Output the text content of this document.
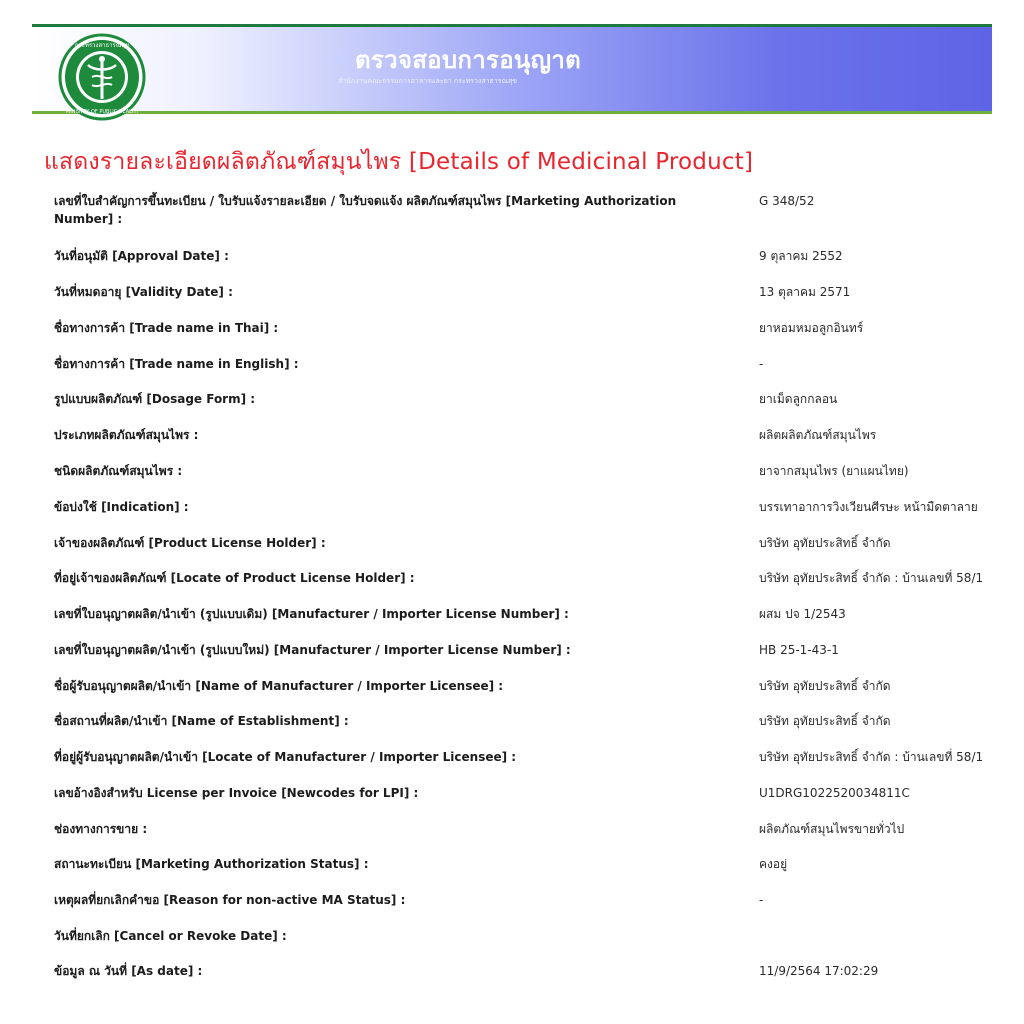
กระทรวงสาธารณสุข
MINISTRY OF PUBLIC HEALTH
ตรวจสอบการอนุญาต
สำนักงานคณะกรรมการอาหารและยา กระทรวงสาธารณสุข
แสดงรายละเอียดผลิตภัณฑ์สมุนไพร [Details of Medicinal Product]
เลขที่ใบสำคัญการขึ้นทะเบียน / ใบรับแจ้งรายละเอียด / ใบรับจดแจ้ง ผลิตภัณฑ์สมุนไพร [Marketing Authorization Number] :
G 348/52
วันที่อนุมัติ [Approval Date] :	9 ตุลาคม 2552
วันที่หมดอายุ [Validity Date] :	13 ตุลาคม 2571
ชื่อทางการค้า [Trade name in Thai] :	ยาหอมหมอลูกอินทร์
ชื่อทางการค้า [Trade name in English] :	-
รูปแบบผลิตภัณฑ์ [Dosage Form] :	ยาเม็ดลูกกลอน
ประเภทผลิตภัณฑ์สมุนไพร :	ผลิตผลิตภัณฑ์สมุนไพร
ชนิดผลิตภัณฑ์สมุนไพร :	ยาจากสมุนไพร (ยาแผนไทย)
ข้อบ่งใช้ [Indication] :	บรรเทาอาการวิงเวียนศีรษะ หน้ามืดตาลาย
เจ้าของผลิตภัณฑ์ [Product License Holder] :	บริษัท อุทัยประสิทธิ์ จำกัด
ที่อยู่เจ้าของผลิตภัณฑ์ [Locate of Product License Holder] :	บริษัท อุทัยประสิทธิ์ จำกัด : บ้านเลขที่ 58/1
เลขที่ใบอนุญาตผลิต/นำเข้า (รูปแบบเดิม) [Manufacturer / Importer License Number] :	ผสม ปจ 1/2543
เลขที่ใบอนุญาตผลิต/นำเข้า (รูปแบบใหม่) [Manufacturer / Importer License Number] :	HB 25-1-43-1
ชื่อผู้รับอนุญาตผลิต/นำเข้า [Name of Manufacturer / Importer Licensee] :	บริษัท อุทัยประสิทธิ์ จำกัด
ชื่อสถานที่ผลิต/นำเข้า [Name of Establishment] :	บริษัท อุทัยประสิทธิ์ จำกัด
ที่อยู่ผู้รับอนุญาตผลิต/นำเข้า [Locate of Manufacturer / Importer Licensee] :	บริษัท อุทัยประสิทธิ์ จำกัด : บ้านเลขที่ 58/1
เลขอ้างอิงสำหรับ License per Invoice [Newcodes for LPI] :	U1DRG1022520034811C
ช่องทางการขาย :	ผลิตภัณฑ์สมุนไพรขายทั่วไป
สถานะทะเบียน [Marketing Authorization Status] :	คงอยู่
เหตุผลที่ยกเลิกคำขอ [Reason for non-active MA Status] :	-
วันที่ยกเลิก [Cancel or Revoke Date] :
ข้อมูล ณ วันที่ [As date] :	11/9/2564 17:02:29
